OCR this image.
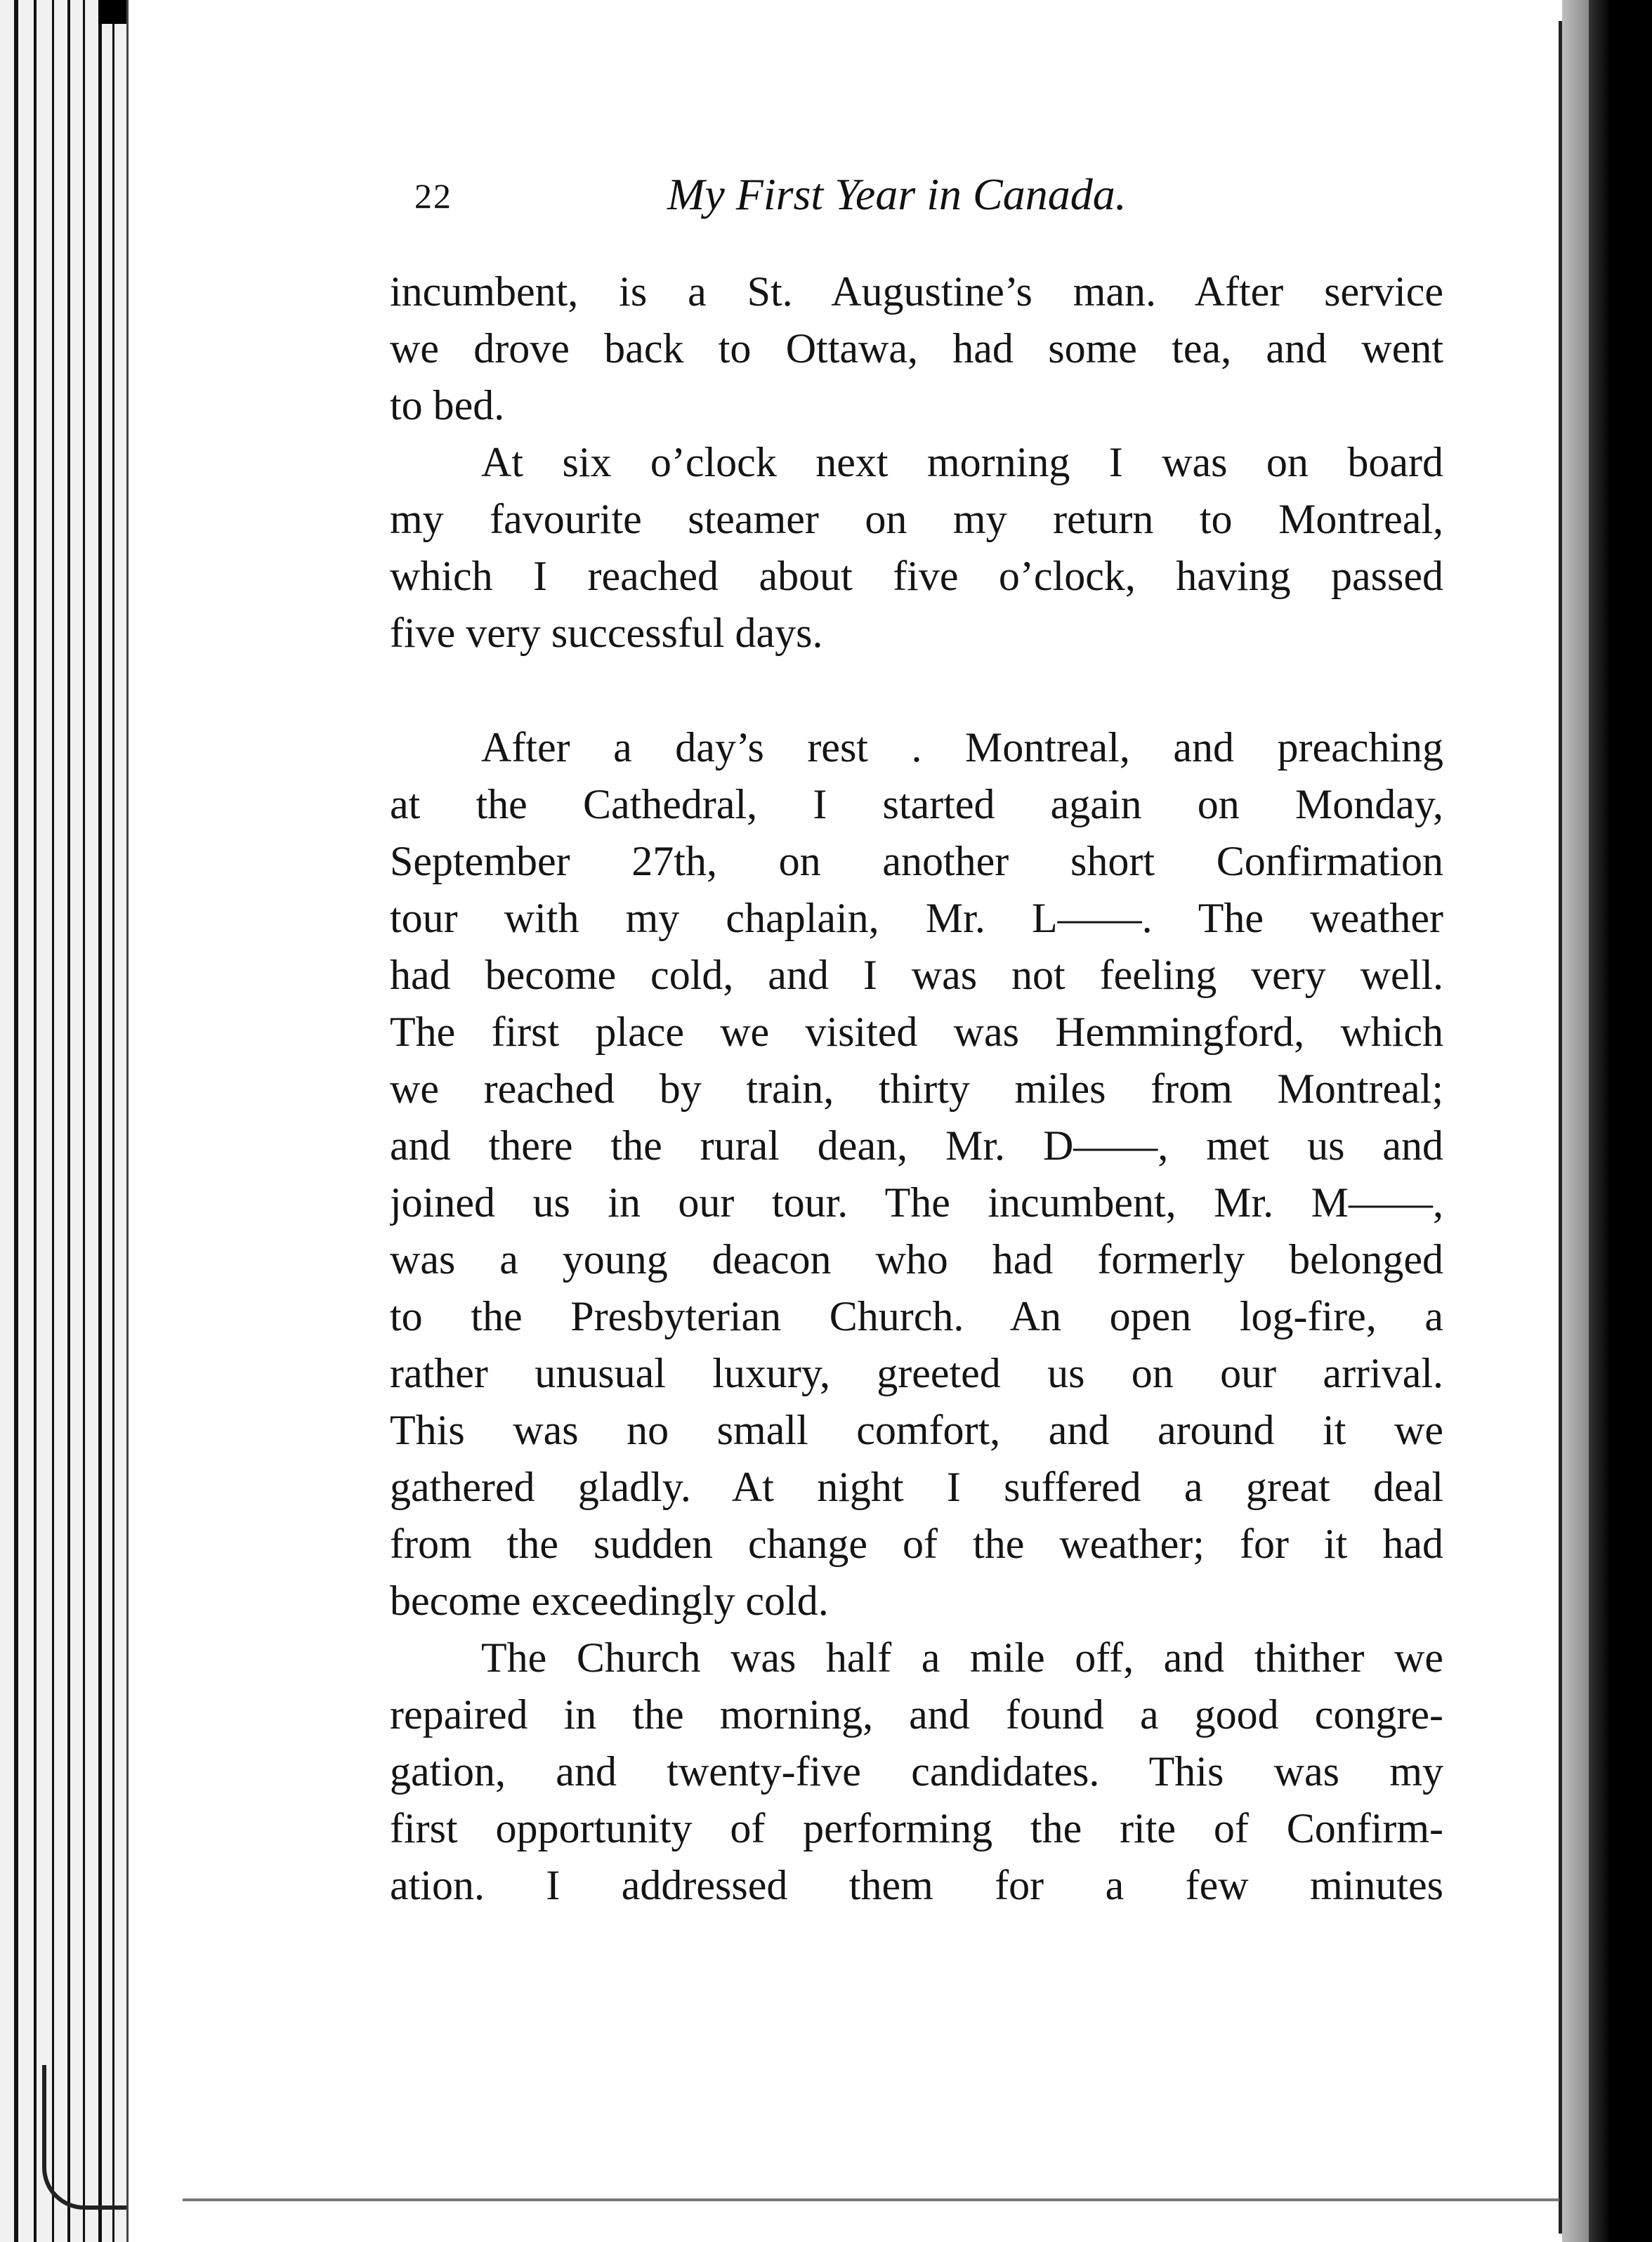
22	My First Year in Canada.
incumbent, is a St. Augustine’s man. After service
we drove back to Ottawa, had some tea, and went
to bed.
At six o’clock next morning I was on board
my favourite steamer on my return to Montreal,
which I reached about five o’clock, having passed
five very successful days.
After a day’s rest . Montreal, and preaching
at the Cathedral, I started again on Monday,
September 27th, on another short Confirmation
tour with my chaplain, Mr. L——. The weather
had become cold, and I was not feeling very well.
The first place we visited was Hemmingford, which
we reached by train, thirty miles from Montreal;
and there the rural dean, Mr. D——, met us and
joined us in our tour. The incumbent, Mr. M——,
was a young deacon who had formerly belonged
to the Presbyterian Church. An open log-fire, a
rather unusual luxury, greeted us on our arrival.
This was no small comfort, and around it we
gathered gladly. At night I suffered a great deal
from the sudden change of the weather; for it had
become exceedingly cold.
The Church was half a mile off, and thither we
repaired in the morning, and found a good congre-
gation, and twenty-five candidates. This was my
first opportunity of performing the rite of Confirm-
ation. I addressed them for a few minutes
